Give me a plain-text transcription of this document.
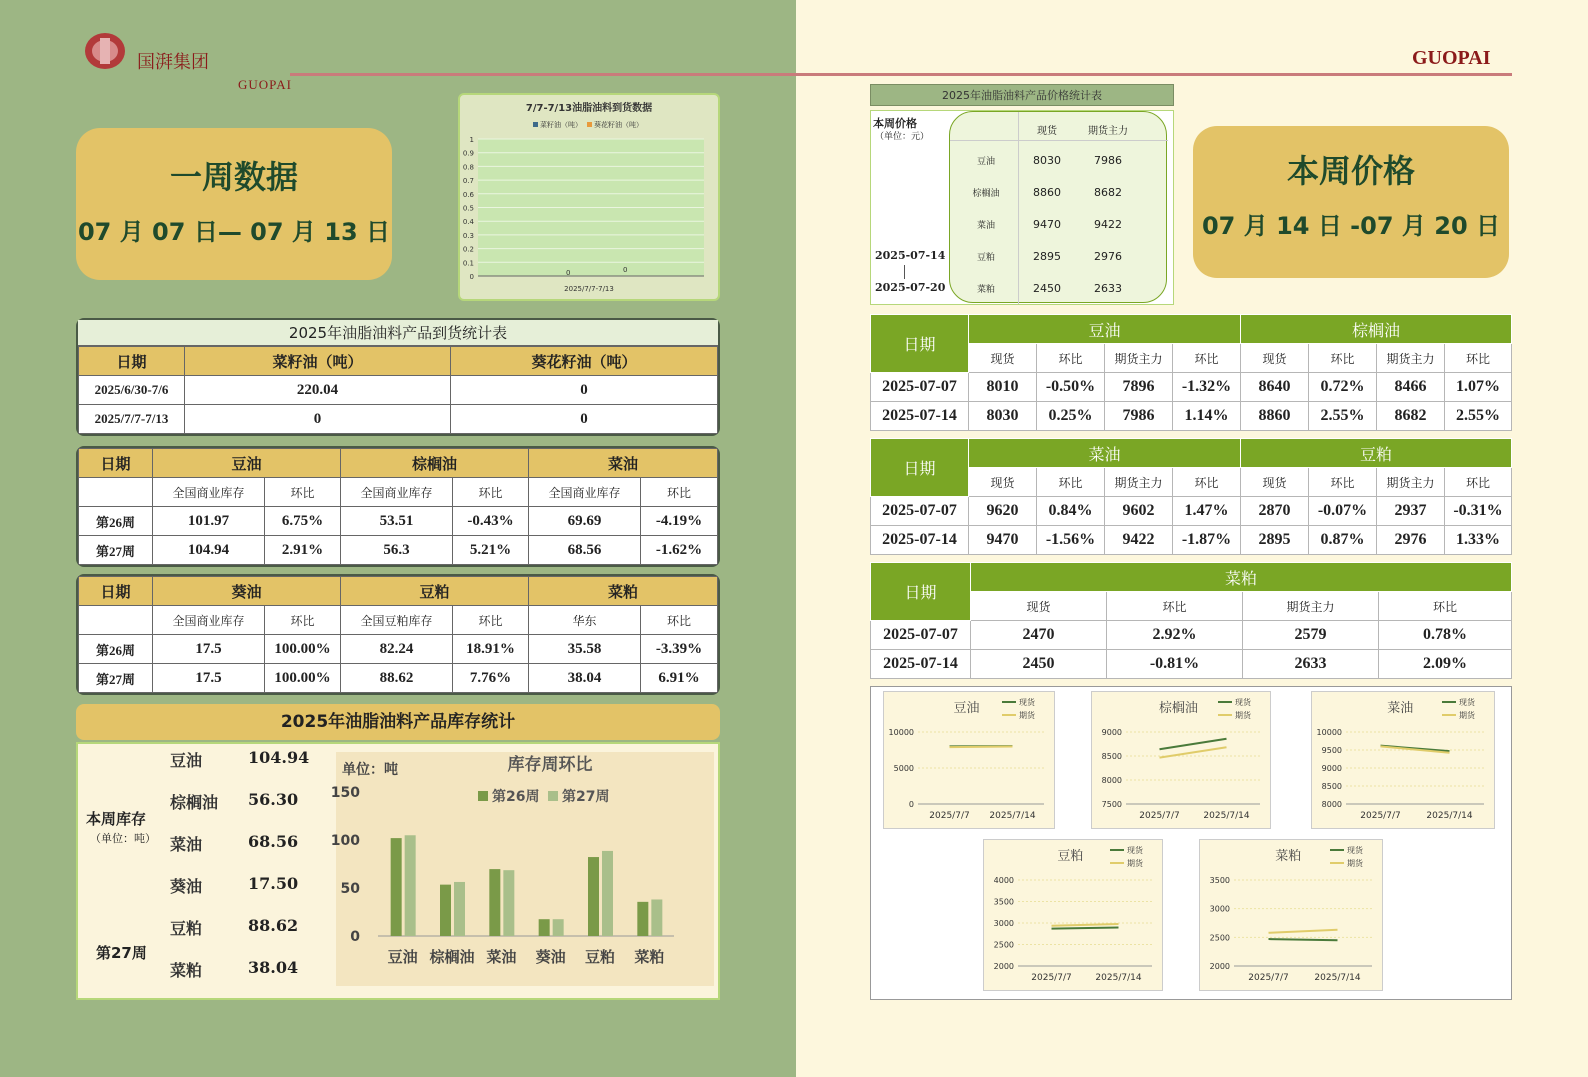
国湃集团
GUOPAI
GUOPAI
一周数据
07 月 07 日— 07 月 13 日
7/7-7/13油脂油料到货数据
菜籽油（吨） 葵花籽油（吨）
1
0.9
0.8
0.7
0.6
0.5
0.4
0.3
0.2
0.1
0
2025/7/7-7/13
0	0
2025年油脂油料产品到货统计表
日期	菜籽油（吨）	葵花籽油（吨）
2025/6/30-7/6	220.04	0
2025/7/7-7/13	0	0
日期	豆油		棕榈油		菜油	
	全国商业库存	环比	全国商业库存	环比	全国商业库存	环比
第26周	101.97	6.75%	53.51	-0.43%	69.69	-4.19%
第27周	104.94	2.91%	56.3	5.21%	68.56	-1.62%
日期	葵油		豆粕		菜粕	
	全国商业库存	环比	全国豆粕库存	环比	华东	环比
第26周	17.5	100.00%	82.24	18.91%	35.58	-3.39%
第27周	17.5	100.00%	88.62	7.76%	38.04	6.91%
2025年油脂油料产品库存统计
本周库存
（单位：吨）
第27周
豆油	104.94
棕榈油 56.30
菜油	68.56
葵油	17.50
豆粕	88.62
菜粕	38.04
单位：吨	库存周环比
第26周 第27周
150
100
50
0
豆油 棕榈油 菜油 葵油 豆粕 菜粕
本周价格
07 月 14 日 -07 月 20 日
2025年油脂油料产品价格统计表
本周价格
（单位：元）
2025-07-14
2025-07-20
现货	期货主力
豆油	8030	7986
棕榈油	8860	8682
菜油	9470	9422
豆粕	2895	2976
菜粕	2450	2633
日期	豆油				棕榈油			
	现货	环比	期货主力	环比	现货	环比	期货主力	环比
2025-07-07	8010	-0.50%	7896	-1.32%	8640	0.72%	8466	1.07%
2025-07-14	8030	0.25%	7986	1.14%	8860	2.55%	8682	2.55%
日期	菜油				豆粕			
	现货	环比	期货主力	环比	现货	环比	期货主力	环比
2025-07-07	9620	0.84%	9602	1.47%	2870	-0.07%	2937	-0.31%
2025-07-14	9470	-1.56%	9422	-1.87%	2895	0.87%	2976	1.33%
日期	菜粕			
	现货	环比	期货主力	环比
2025-07-07	2470	2.92%	2579	0.78%
2025-07-14	2450	-0.81%	2633	2.09%
豆油	现货
期货
10000
5000
0
2025/7/7 2025/7/14
棕榈油	现货
期货
9000
8500
8000
7500
2025/7/7	2025/7/14
菜油	现货
期货
10000
9500
9000
8500
8000
2025/7/7	2025/7/14
豆粕	现货
期货
4000
3500
3000
2500
2000
2025/7/7	2025/7/14
菜粕	现货
期货
3500
3000
2500
2000
2025/7/7	2025/7/14
